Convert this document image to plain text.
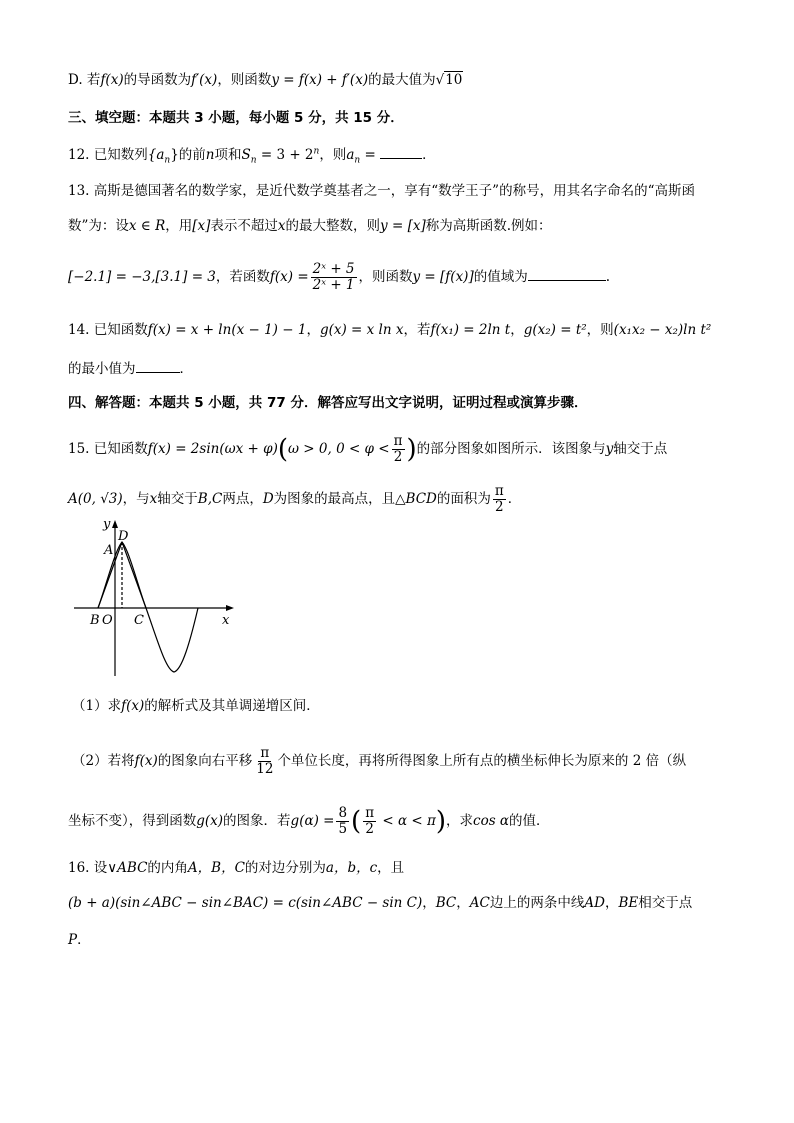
D. 若f(x)的导函数为f′(x)，则函数y = f(x) + f′(x)的最大值为√10
三、填空题：本题共 3 小题，每小题 5 分，共 15 分．
12. 已知数列$\{a_n\}$的前n项和$S_n = 3 + 2^n$，则$a_n$ =	．
13. 高斯是德国著名的数学家，是近代数学奠基者之一，享有“数学王子”的称号，用其名字命名的“高斯函
数”为：设x ∈ R，用[x]表示不超过x的最大整数，则y = [x]称为高斯函数.例如：
[−2.1] = −3,[3.1] = 3，若函数$f(x) = \frac{\text{2ˣ + 5}}{\text{2ˣ + 1}}$ ，则函数y = [f(x)]的值域为	.
14. 已知函数f(x) = x + ln(x − 1) − 1，g(x) = x ln x，若f(x₁) = 2ln t，g(x₂) = t²，则(x₁x₂ − x₂)ln t²
的最小值为	．
四、解答题：本题共 5 小题，共 77 分．解答应写出文字说明，证明过程或演算步骤．
15. 已知函数f(x) = 2sin(ωx + φ)(ω > 0, $0 < \varphi < \frac{\pi}{2}$ )的部分图象如图所示．该图象与y轴交于点
A(0, √3)，与x轴交于B,C两点，D为图象的最高点，且△BCD的面积为 $\frac{\pi}{2}$ ．
y
x
A
D
B O C
（1）求f(x)的解析式及其单调递增区间．
（2）若将f(x)的图象向右平移 $\frac{\pi}{12}$ 个单位长度，再将所得图象上所有点的横坐标伸长为原来的 2 倍（纵
坐标不变），得到函数g(x)的图象．若$g(\alpha) = \frac{8}{5}$ ( $\frac{\pi}{2} < \alpha < \pi$)，求cos α的值．
16. 设∨ABC的内角A，B，C的对边分别为a，b，c，且
(b + a)(sin∠ABC − sin∠BAC) = c(sin∠ABC − sin C)，BC，AC边上的两条中线AD，BE相交于点
P．
